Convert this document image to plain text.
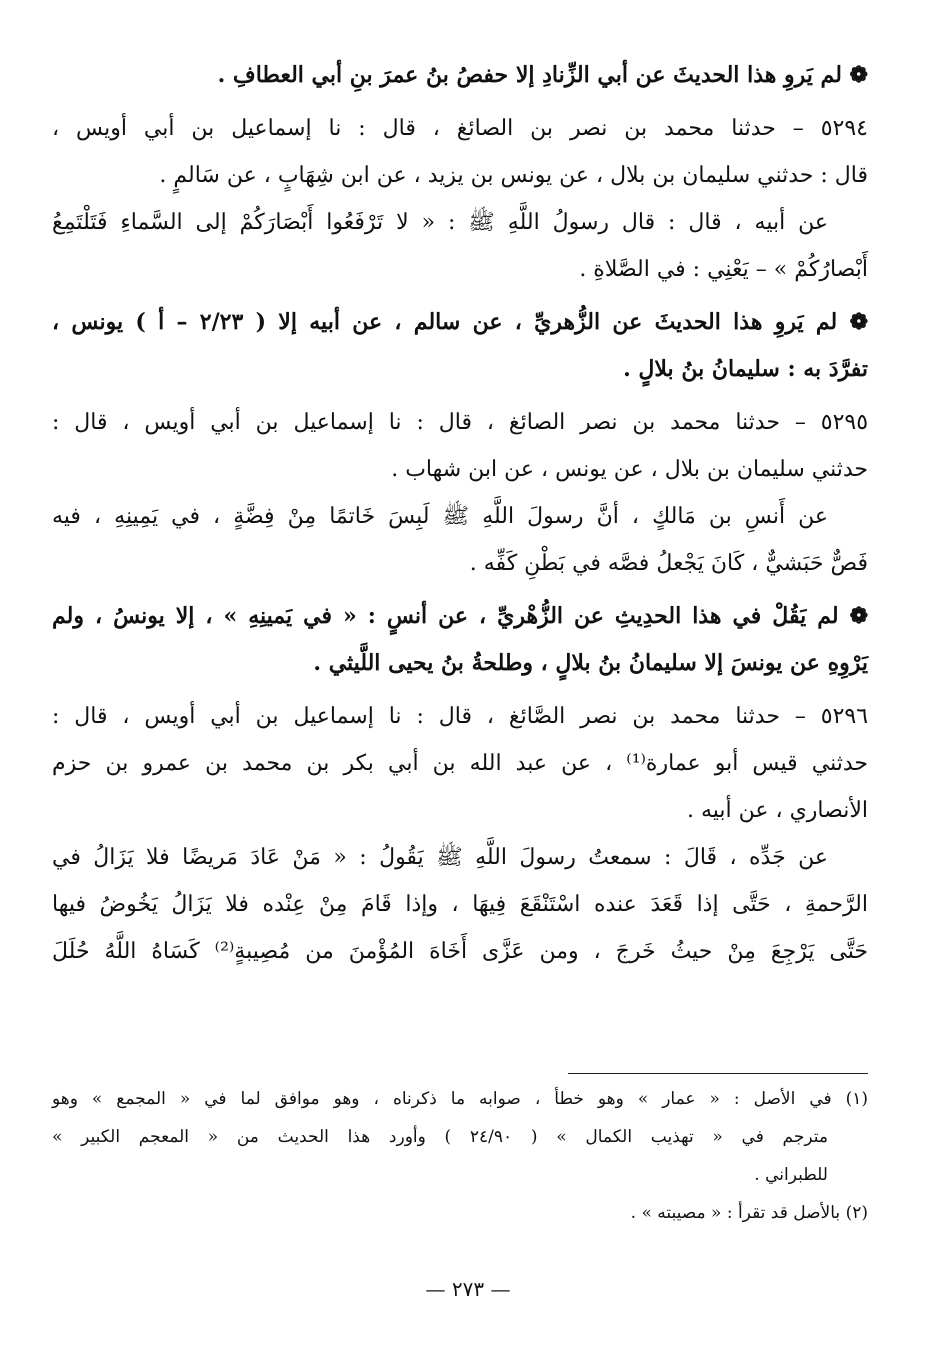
❁ لم يَروِ هذا الحديثَ عن أبي الزِّنادِ إلا حفصُ بنُ عمرَ بنِ أبي العطافِ .
٥٢٩٤ – حدثنا محمد بن نصر بن الصائغ ، قال : نا إسماعيل بن أبي أويس ،
قال : حدثني سليمان بن بلال ، عن يونس بن يزيد ، عن ابن شِهَابٍ ، عن سَالمٍ .
عن أبيه ، قال : قال رسولُ اللَّهِ ﷺ : « لا تَرْفَعُوا أَبْصَارَكُمْ إلى السَّماءِ فَتَلْتَمِعُ
أَبْصارُكُمْ » – يَعْنِي : في الصَّلاةِ .
❁ لم يَروِ هذا الحديثَ عن الزُّهريِّ ، عن سالم ، عن أبيه إلا ( ٢/٢٣ – أ ) يونس ،
تفرَّدَ به : سليمانُ بنُ بلالٍ .
٥٢٩٥ – حدثنا محمد بن نصر الصائغ ، قال : نا إسماعيل بن أبي أويس ، قال :
حدثني سليمان بن بلال ، عن يونس ، عن ابن شهاب .
عن أَنسِ بن مَالكٍ ، أنَّ رسولَ اللَّهِ ﷺ لَبِسَ خَاتمًا مِنْ فِضَّةٍ ، في يَمِينِهِ ، فيه
فَصٌّ حَبَشيٌّ ، كَانَ يَجْعلُ فصَّه في بَطْنِ كَفِّه .
❁ لم يَقُلْ في هذا الحدِيثِ عن الزُّهْريِّ ، عن أنسٍ : « في يَمينِهِ » ، إلا يونسُ ، ولم
يَرْوِهِ عن يونسَ إلا سليمانُ بنُ بلالٍ ، وطلحةُ بنُ يحيى اللَّيثي .
٥٢٩٦ – حدثنا محمد بن نصر الصَّائغ ، قال : نا إسماعيل بن أبي أويس ، قال :
حدثني قيس أبو عمارة⁽¹⁾ ، عن عبد الله بن أبي بكر بن محمد بن عمرو بن حزم
الأنصاري ، عن أبيه .
عن جَدِّه ، قَالَ : سمعتُ رسولَ اللَّهِ ﷺ يَقُولُ : « مَنْ عَادَ مَريضًا فلا يَزَالُ في
الرَّحمةِ ، حَتَّى إذا قَعَدَ عنده اسْتَنْقَعَ فِيهَا ، وإذا قَامَ مِنْ عِنْده فلا يَزَالُ يَخُوضُ فيها
حَتَّى يَرْجِعَ مِنْ حيثُ خَرجَ ، ومن عَزَّى أَخَاهَ المُؤْمنَ من مُصِيبةٍ⁽²⁾ كَسَاهُ اللَّهُ حُلَلَ
(١) في الأصل : « عمار » وهو خطأ ، صوابه ما ذكرناه ، وهو موافق لما في « المجمع » وهو
مترجم في « تهذيب الكمال » ( ٢٤/٩٠ ) وأورد هذا الحديث من « المعجم الكبير »
للطبراني .
(٢) بالأصل قد تقرأ : « مصيبته » .
— ٢٧٣ —
